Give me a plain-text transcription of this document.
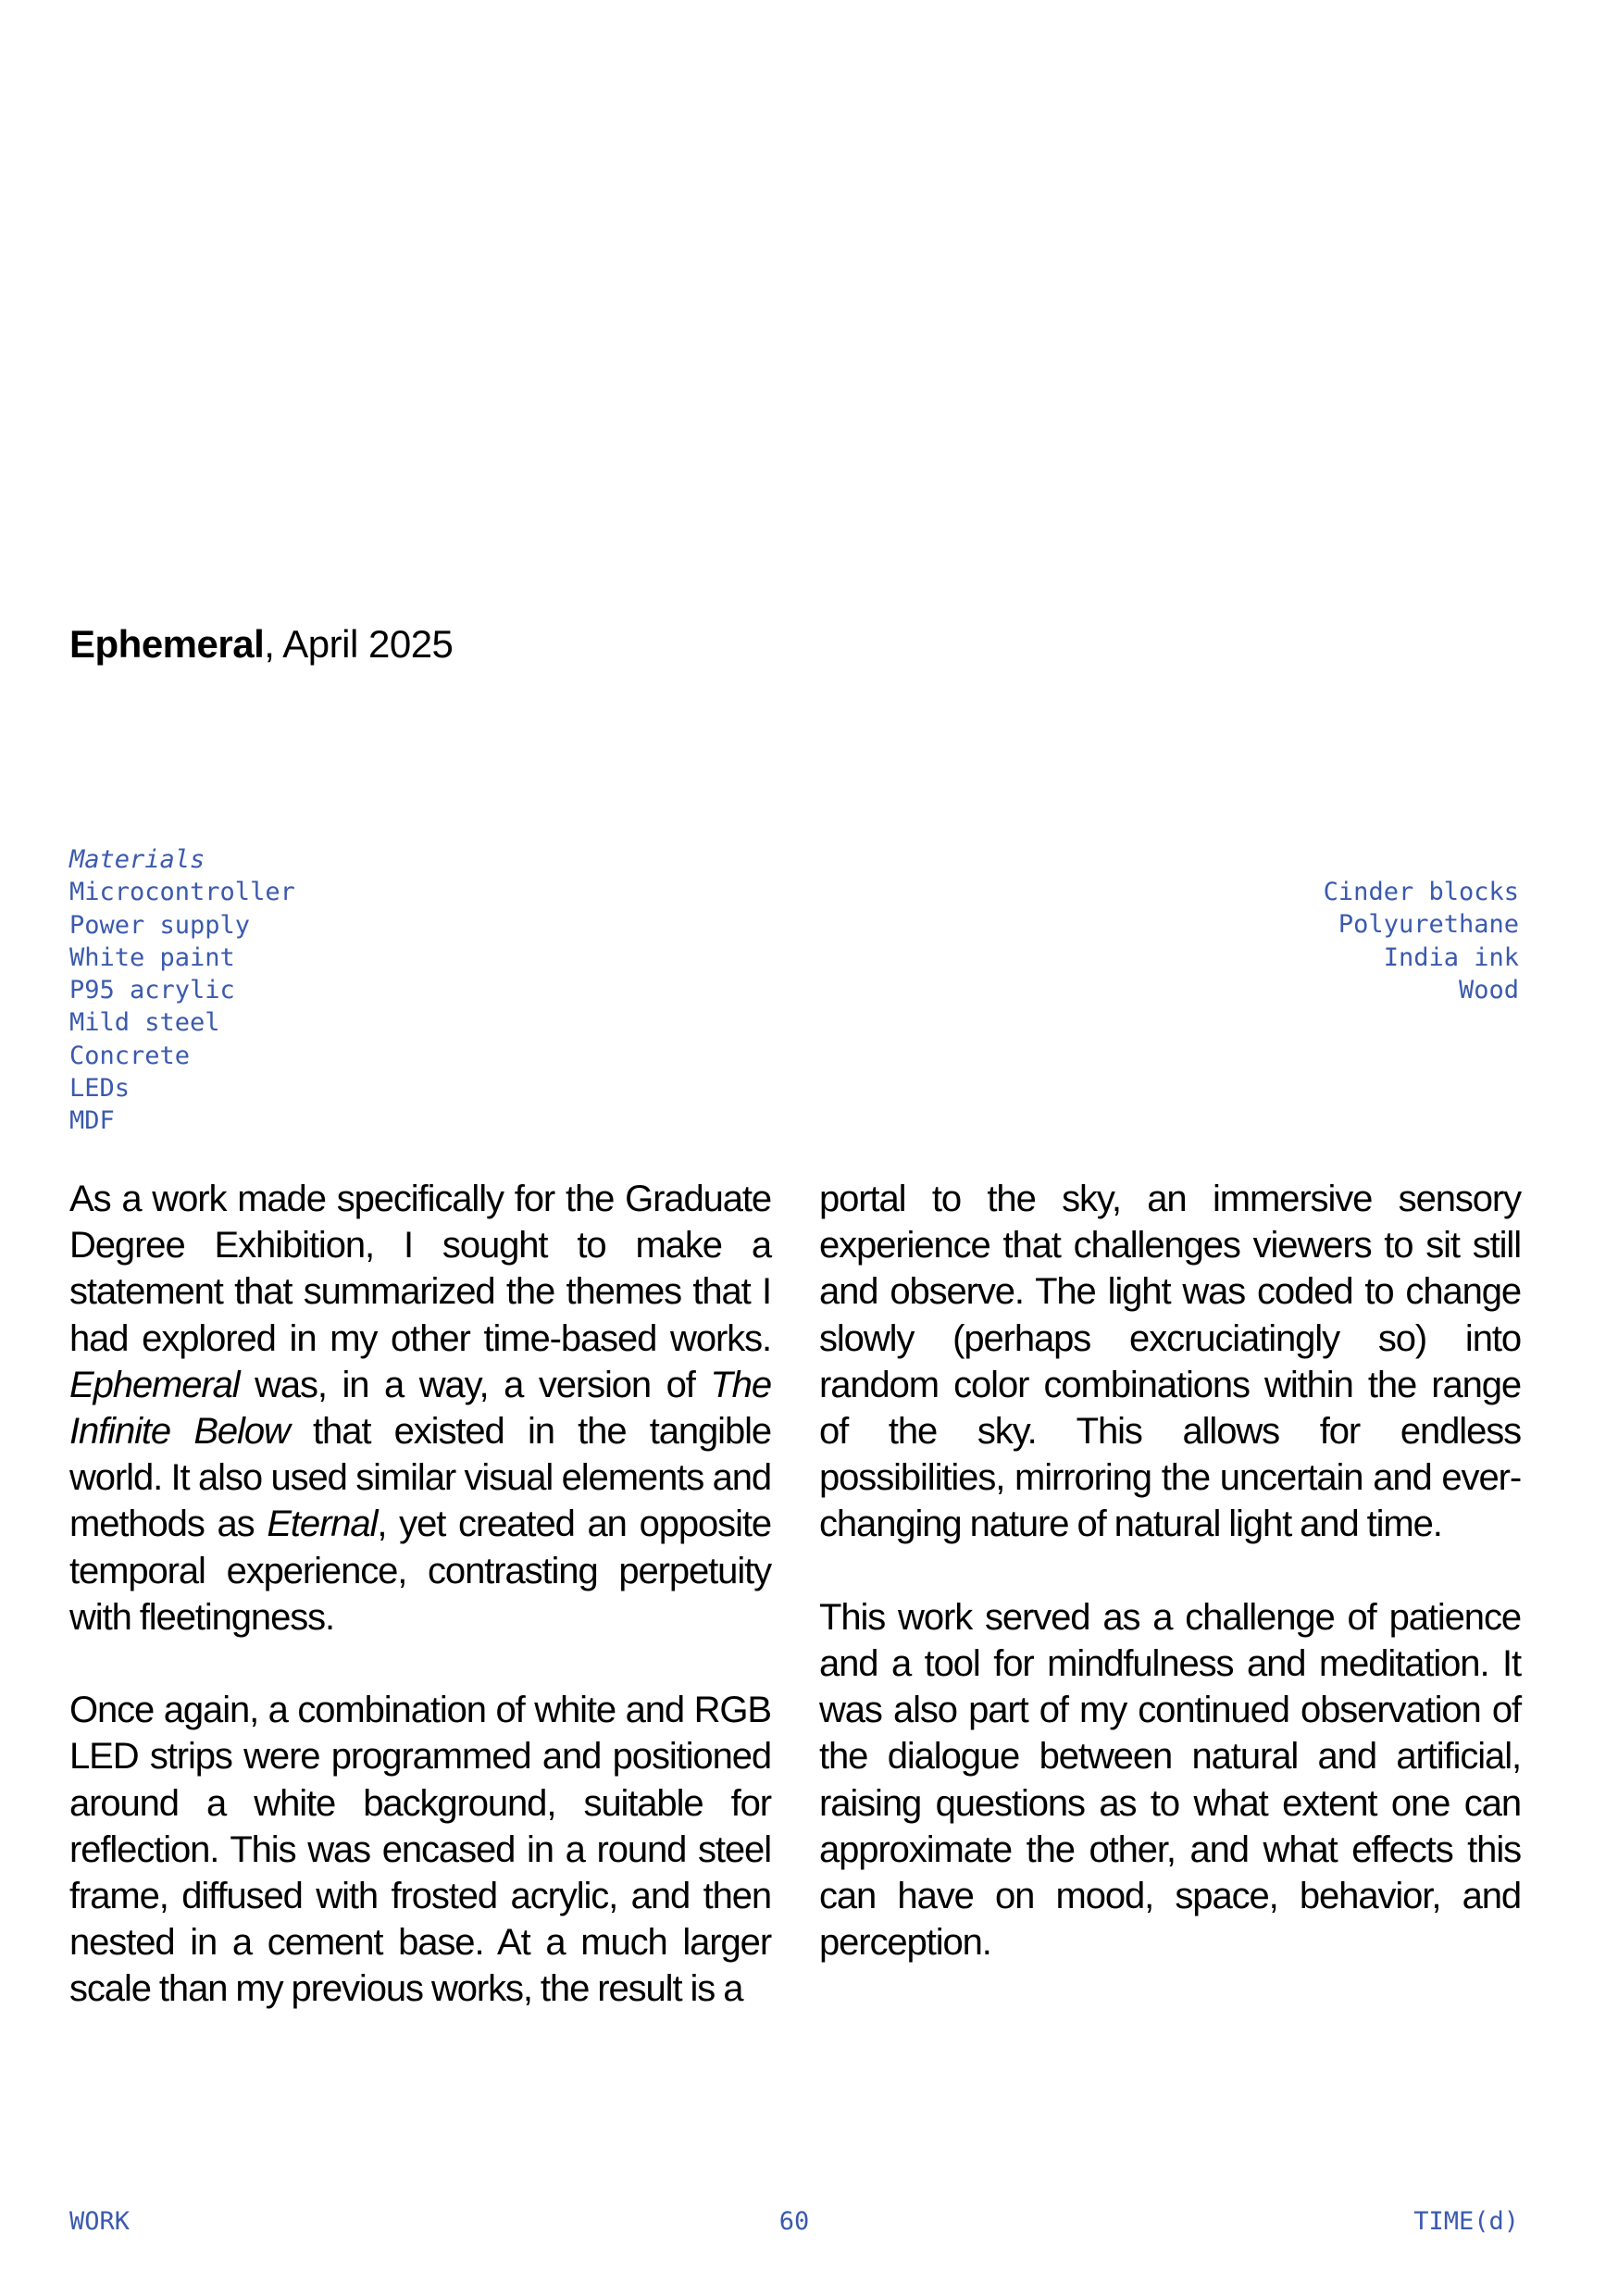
Ephemeral, April 2025
Materials
Microcontroller
Power supply
White paint
P95 acrylic
Mild steel
Concrete
LEDs
MDF
Cinder blocks
Polyurethane
India ink
Wood

As a work made specifically for the Graduate Degree Exhibition, I sought to make a statement that summarized the themes that I had explored in my other time-based works. Ephemeral was, in a way, a version of The Infinite Below that existed in the tangible world. It also used similar visual elements and methods as Eternal, yet created an opposite temporal experience, contrasting perpetuity with fleetingness.

Once again, a combination of white and RGB LED strips were programmed and positioned around a white background, suitable for reflection. This was encased in a round steel frame, diffused with frosted acrylic, and then nested in a cement base. At a much larger scale than my previous works, the result is a

portal to the sky, an immersive sensory experience that challenges viewers to sit still and observe. The light was coded to change slowly (perhaps excruciatingly so) into random color combinations within the range of the sky. This allows for endless possibilities, mirroring the uncertain and ever-changing nature of natural light and time.

This work served as a challenge of patience and a tool for mindfulness and meditation. It was also part of my continued observation of the dialogue between natural and artificial, raising questions as to what extent one can approximate the other, and what effects this can have on mood, space, behavior, and perception.

WORK	60	TIME(d)
